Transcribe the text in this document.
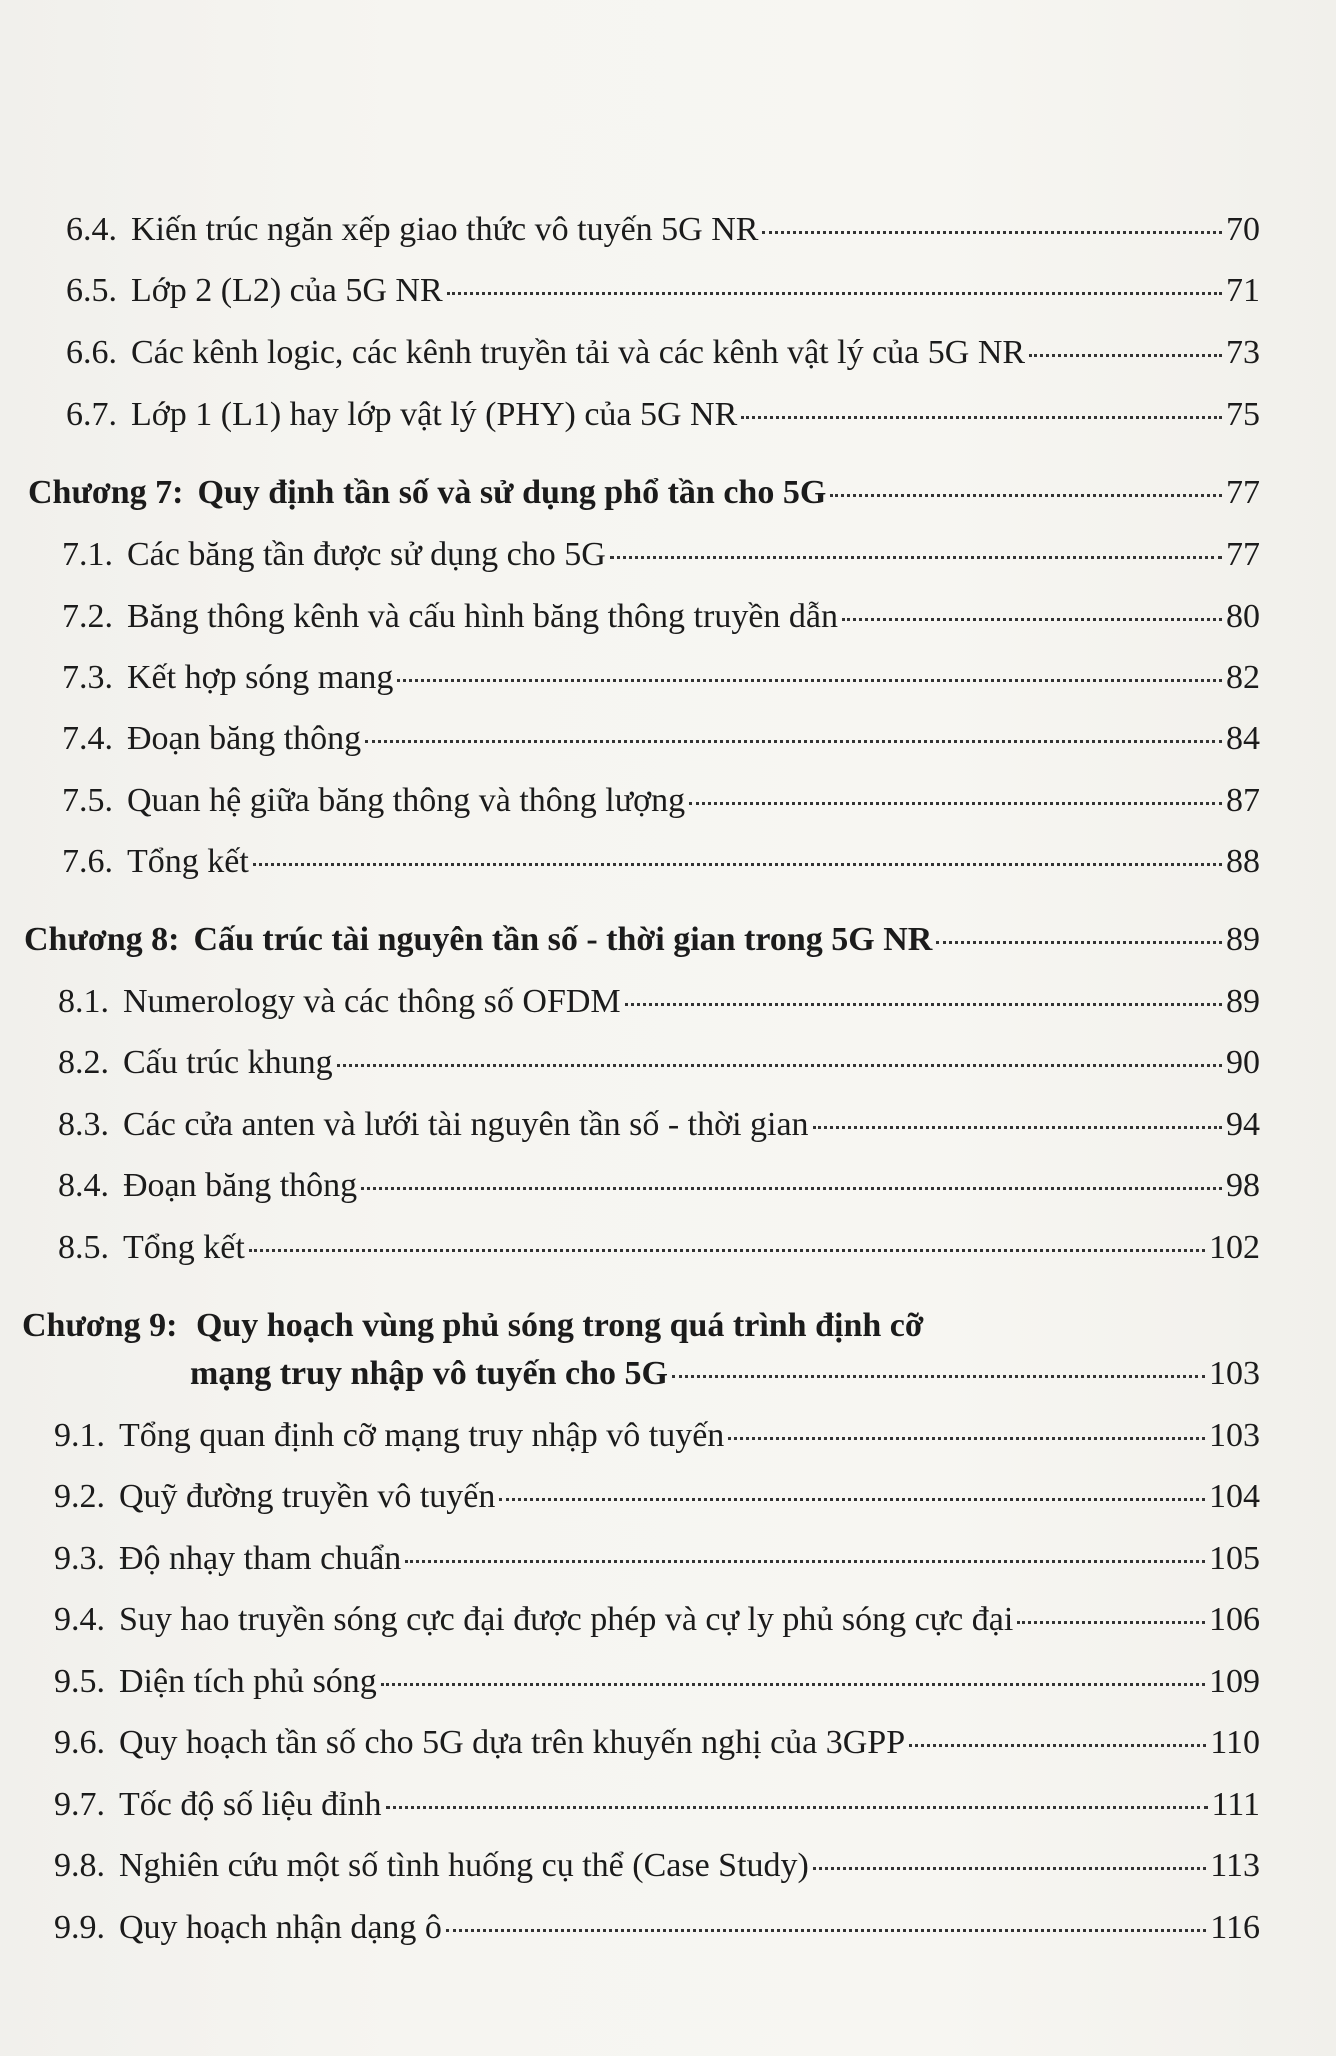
6.4. Kiến trúc ngăn xếp giao thức vô tuyến 5G NR	70
6.5. Lớp 2 (L2) của 5G NR	71
6.6. Các kênh logic, các kênh truyền tải và các kênh vật lý của 5G NR	73
6.7. Lớp 1 (L1) hay lớp vật lý (PHY) của 5G NR	75
Chương 7: Quy định tần số và sử dụng phổ tần cho 5G	77
7.1. Các băng tần được sử dụng cho 5G	77
7.2. Băng thông kênh và cấu hình băng thông truyền dẫn	80
7.3. Kết hợp sóng mang	82
7.4. Đoạn băng thông	84
7.5. Quan hệ giữa băng thông và thông lượng	87
7.6. Tổng kết	88
Chương 8: Cấu trúc tài nguyên tần số - thời gian trong 5G NR	89
8.1. Numerology và các thông số OFDM	89
8.2. Cấu trúc khung	90
8.3. Các cửa anten và lưới tài nguyên tần số - thời gian	94
8.4. Đoạn băng thông	98
8.5. Tổng kết	102
Chương 9: Quy hoạch vùng phủ sóng trong quá trình định cỡ
mạng truy nhập vô tuyến cho 5G	103
9.1. Tổng quan định cỡ mạng truy nhập vô tuyến	103
9.2. Quỹ đường truyền vô tuyến	104
9.3. Độ nhạy tham chuẩn	105
9.4. Suy hao truyền sóng cực đại được phép và cự ly phủ sóng cực đại	106
9.5. Diện tích phủ sóng	109
9.6. Quy hoạch tần số cho 5G dựa trên khuyến nghị của 3GPP	110
9.7. Tốc độ số liệu đỉnh	111
9.8. Nghiên cứu một số tình huống cụ thể (Case Study)	113
9.9. Quy hoạch nhận dạng ô	116
